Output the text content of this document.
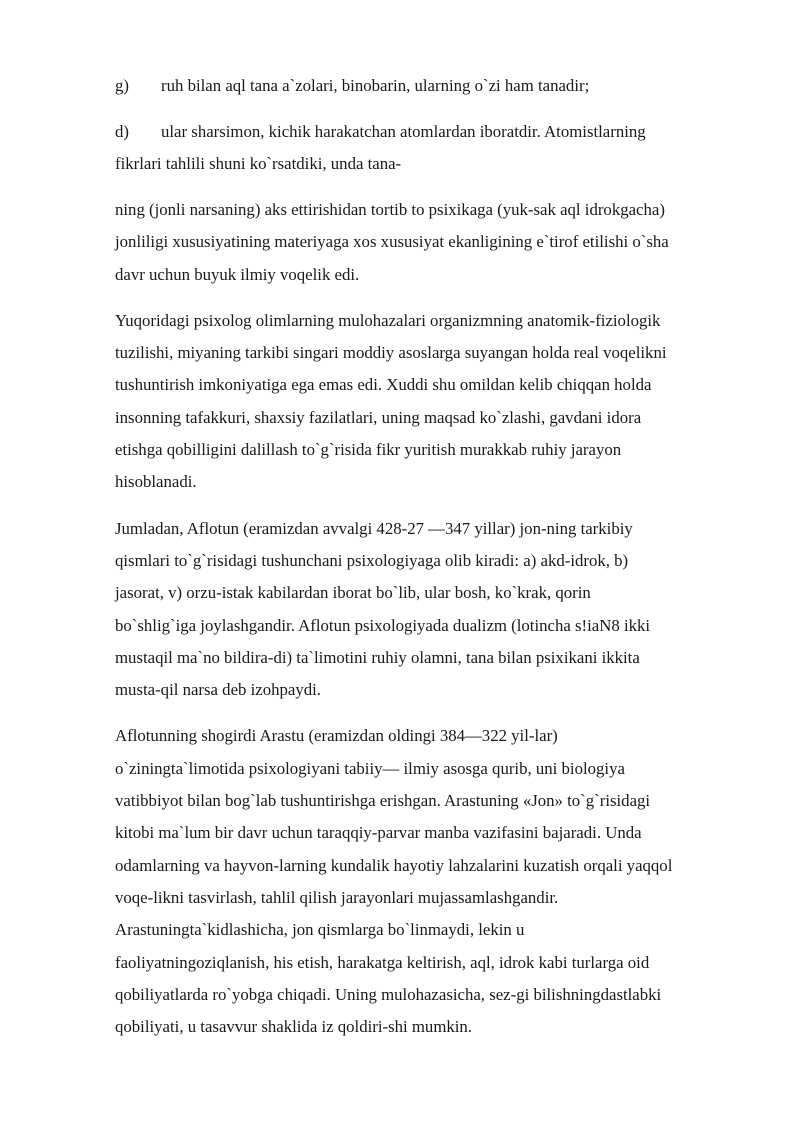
g) ruh bilan aql tana a`zolari, binobarin, ularning o`zi ham tanadir;
d) ular sharsimon, kichik harakatchan atomlardan iboratdir. Atomistlarning
fikrlari tahlili shuni ko`rsatdiki, unda tana-

ning (jonli narsaning) aks ettirishidan tortib to psixikaga (yuk-sak aql idrokgacha)
jonliligi xususiyatining materiyaga xos xususiyat ekanligining e`tirof etilishi o`sha
davr uchun buyuk ilmiy voqelik edi.

Yuqoridagi psixolog olimlarning mulohazalari organizmning anatomik-fiziologik
tuzilishi, miyaning tarkibi singari moddiy asoslarga suyangan holda real voqelikni
tushuntirish imkoniyatiga ega emas edi. Xuddi shu omildan kelib chiqqan holda
insonning tafakkuri, shaxsiy fazilatlari, uning maqsad ko`zlashi, gavdani idora
etishga qobilligini dalillash to`g`risida fikr yuritish murakkab ruhiy jarayon
hisoblanadi.

Jumladan, Aflotun (eramizdan avvalgi 428-27 —347 yillar) jon-ning tarkibiy
qismlari to`g`risidagi tushunchani psixologiyaga olib kiradi: a) akd-idrok, b)
jasorat, v) orzu-istak kabilardan iborat bo`lib, ular bosh, ko`krak, qorin
bo`shlig`iga joylashgandir. Aflotun psixologiyada dualizm (lotincha s!iaN8 ikki
mustaqil ma`no bildira-di) ta`limotini ruhiy olamni, tana bilan psixikani ikkita
musta-qil narsa deb izohpaydi.

Aflotunning shogirdi Arastu (eramizdan oldingi 384—322 yil-lar)
o`ziningta`limotida psixologiyani tabiiy— ilmiy asosga qurib, uni biologiya
vatibbiyot bilan bog`lab tushuntirishga erishgan. Arastuning «Jon» to`g`risidagi
kitobi ma`lum bir davr uchun taraqqiy-parvar manba vazifasini bajaradi. Unda
odamlarning va hayvon-larning kundalik hayotiy lahzalarini kuzatish orqali yaqqol
voqe-likni tasvirlash, tahlil qilish jarayonlari mujassamlashgandir.
Arastuningta`kidlashicha, jon qismlarga bo`linmaydi, lekin u
faoliyatningoziqlanish, his etish, harakatga keltirish, aql, idrok kabi turlarga oid
qobiliyatlarda ro`yobga chiqadi. Uning mulohazasicha, sez-gi bilishningdastlabki
qobiliyati, u tasavvur shaklida iz qoldiri-shi mumkin.
